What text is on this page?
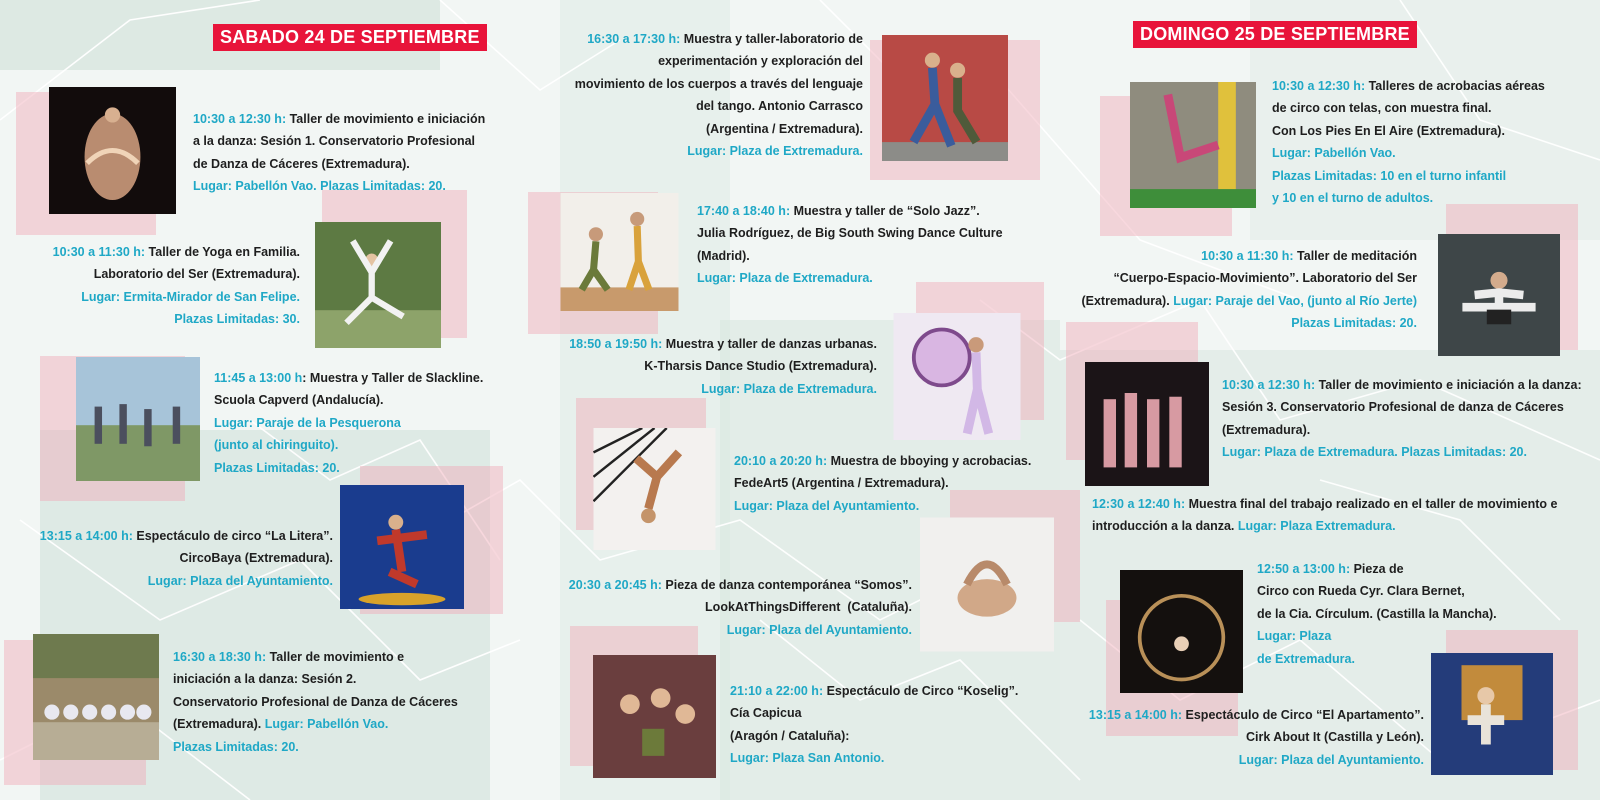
SABADO 24 DE SEPTIEMBRE	DOMINGO 25 DE SEPTIEMBRE
10:30 a 12:30 h: Taller de movimiento e iniciación
a la danza: Sesión 1. Conservatorio Profesional
de Danza de Cáceres (Extremadura).
Lugar: Pabellón Vao. Plazas Limitadas: 20.
10:30 a 11:30 h: Taller de Yoga en Familia.
Laboratorio del Ser (Extremadura).
Lugar: Ermita-Mirador de San Felipe.
Plazas Limitadas: 30.
11:45 a 13:00 h: Muestra y Taller de Slackline.
Scuola Capverd (Andalucía).
Lugar: Paraje de la Pesquerona
(junto al chiringuito).
Plazas Limitadas: 20.
13:15 a 14:00 h: Espectáculo de circo “La Litera”.
CircoBaya (Extremadura).
Lugar: Plaza del Ayuntamiento.
16:30 a 18:30 h: Taller de movimiento e
iniciación a la danza: Sesión 2.
Conservatorio Profesional de Danza de Cáceres
(Extremadura). Lugar: Pabellón Vao.
Plazas Limitadas: 20.
16:30 a 17:30 h: Muestra y taller-laboratorio de
experimentación y exploración del
movimiento de los cuerpos a través del lenguaje
del tango. Antonio Carrasco
(Argentina / Extremadura).
Lugar: Plaza de Extremadura.
17:40 a 18:40 h: Muestra y taller de “Solo Jazz”.
Julia Rodríguez, de Big South Swing Dance Culture
(Madrid).
Lugar: Plaza de Extremadura.
18:50 a 19:50 h: Muestra y taller de danzas urbanas.
K-Tharsis Dance Studio (Extremadura).
Lugar: Plaza de Extremadura.
20:10 a 20:20 h: Muestra de bboying y acrobacias.
FedeArt5 (Argentina / Extremadura).
Lugar: Plaza del Ayuntamiento.
20:30 a 20:45 h: Pieza de danza contemporánea “Somos”.
LookAtThingsDifferent  (Cataluña).
Lugar: Plaza del Ayuntamiento.
21:10 a 22:00 h: Espectáculo de Circo “Koselig”.
Cía Capicua
(Aragón / Cataluña):
Lugar: Plaza San Antonio.
10:30 a 12:30 h: Talleres de acrobacias aéreas
de circo con telas, con muestra final.
Con Los Pies En El Aire (Extremadura).
Lugar: Pabellón Vao.
Plazas Limitadas: 10 en el turno infantil
y 10 en el turno de adultos.
10:30 a 11:30 h: Taller de meditación
“Cuerpo-Espacio-Movimiento”. Laboratorio del Ser
(Extremadura). Lugar: Paraje del Vao, (junto al Río Jerte)
Plazas Limitadas: 20.
10:30 a 12:30 h: Taller de movimiento e iniciación a la danza:
Sesión 3. Conservatorio Profesional de danza de Cáceres
(Extremadura).
Lugar: Plaza de Extremadura. Plazas Limitadas: 20.
12:30 a 12:40 h: Muestra final del trabajo realizado en el taller de movimiento e
introducción a la danza. Lugar: Plaza Extremadura.
12:50 a 13:00 h: Pieza de
Circo con Rueda Cyr. Clara Bernet,
de la Cia. Círculum. (Castilla la Mancha).
Lugar: Plaza
de Extremadura.
13:15 a 14:00 h: Espectáculo de Circo “El Apartamento”.
Cirk About It (Castilla y León).
Lugar: Plaza del Ayuntamiento.
